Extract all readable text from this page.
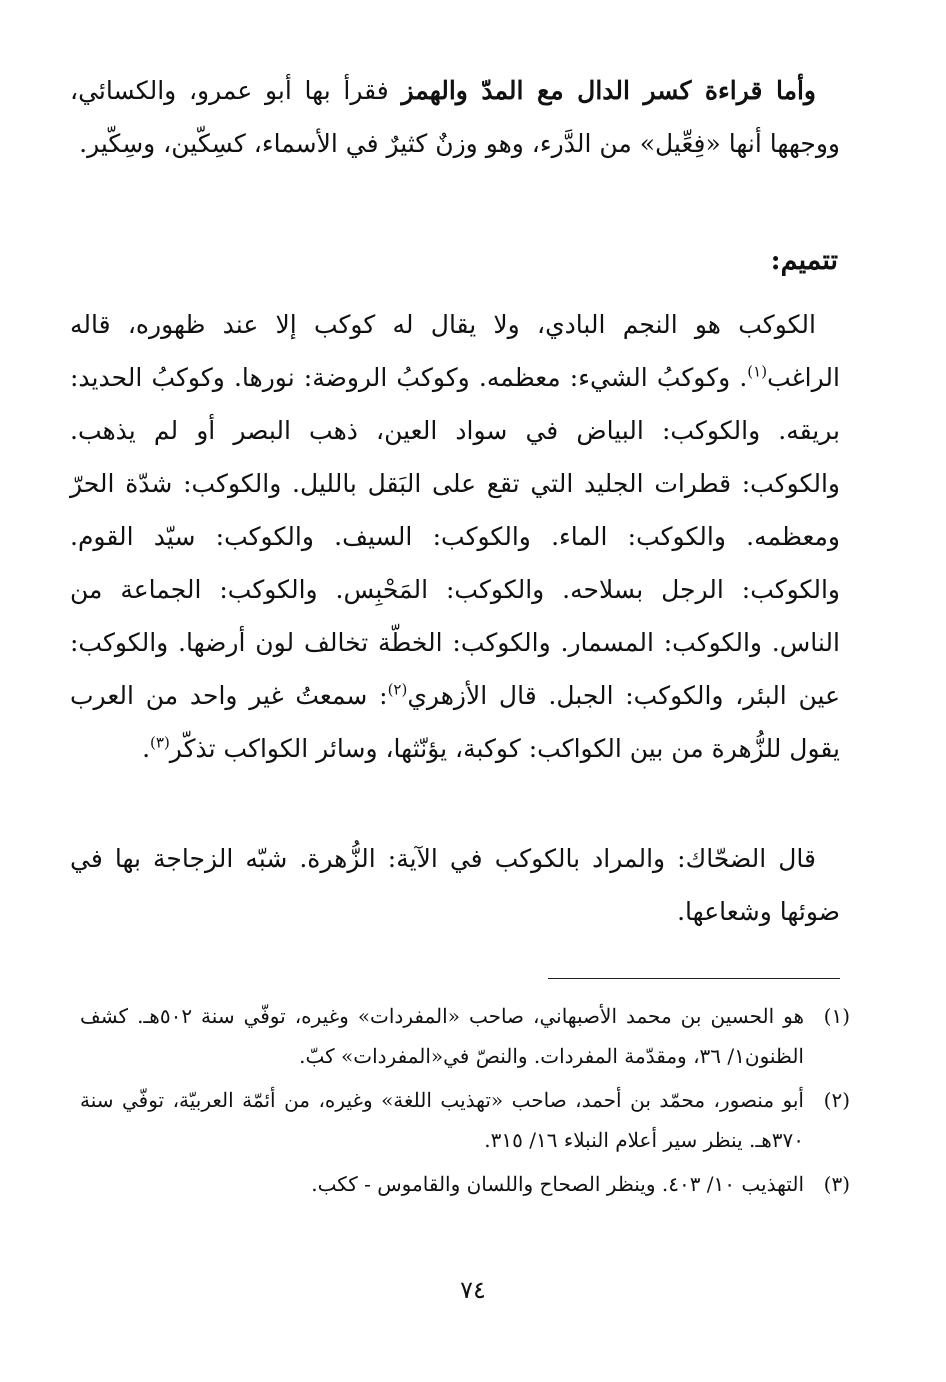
وأما قراءة كسر الدال مع المدّ والهمز فقرأ بها أبو عمرو، والكسائي، ووجهها أنها «فِعِّيل» من الدَّرء، وهو وزنٌ كثيرٌ في الأسماء، كسِكّين، وسِكّير.

تتميم:

الكوكب هو النجم البادي، ولا يقال له كوكب إلا عند ظهوره، قاله الراغب$^{(١)}$. وكوكبُ الشيء: معظمه. وكوكبُ الروضة: نورها. وكوكبُ الحديد: بريقه. والكوكب: البياض في سواد العين، ذهب البصر أو لم يذهب. والكوكب: قطرات الجليد التي تقع على البَقل بالليل. والكوكب: شدّة الحرّ ومعظمه. والكوكب: الماء. والكوكب: السيف. والكوكب: سيّد القوم. والكوكب: الرجل بسلاحه. والكوكب: المَحْبِس. والكوكب: الجماعة من الناس. والكوكب: المسمار. والكوكب: الخطّة تخالف لون أرضها. والكوكب: عين البئر، والكوكب: الجبل. قال الأزهري$^{(٢)}$: سمعتُ غير واحد من العرب يقول للزُّهرة من بين الكواكب: كوكبة، يؤنّثها، وسائر الكواكب تذكّر$^{(٣)}$.

قال الضحّاك: والمراد بالكوكب في الآية: الزُّهرة. شبّه الزجاجة بها في ضوئها وشعاعها.

(١)
هو الحسين بن محمد الأصبهاني، صاحب «المفردات» وغيره، توفّي سنة ٥٠٢هـ. كشف الظنون١/ ٣٦، ومقدّمة المفردات. والنصّ في«المفردات» كبّ.
(٢)
أبو منصور، محمّد بن أحمد، صاحب «تهذيب اللغة» وغيره، من أئمّة العربيّة، توفّي سنة ٣٧٠هـ. ينظر سير أعلام النبلاء ١٦/ ٣١٥.
(٣)
التهذيب ١٠/ ٤٠٣. وينظر الصحاح واللسان والقاموس - ككب.
٧٤
